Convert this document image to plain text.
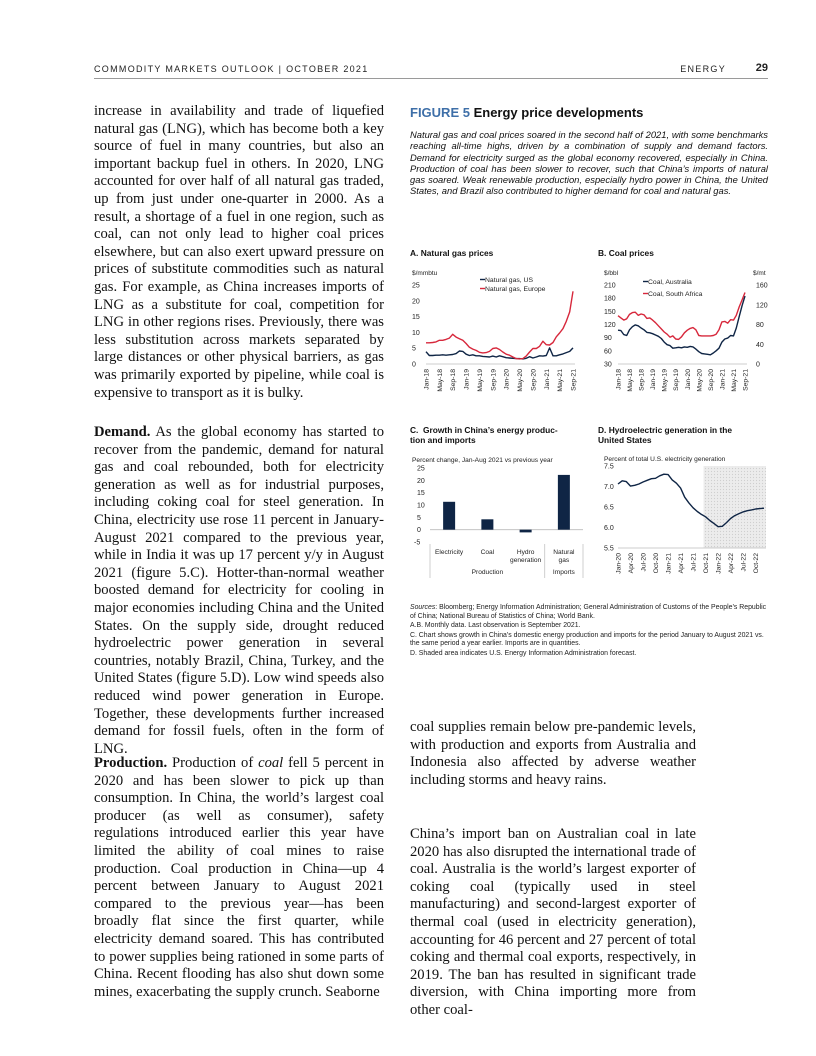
COMMODITY MARKETS OUTLOOK | OCTOBER 2021	ENERGY	29

increase in availability and trade of liquefied natural gas (LNG), which has become both a key source of fuel in many countries, but also an important backup fuel in others. In 2020, LNG accounted for over half of all natural gas traded, up from just under one-quarter in 2000. As a result, a shortage of a fuel in one region, such as coal, can not only lead to higher coal prices elsewhere, but can also exert upward pressure on prices of substitute commodities such as natural gas. For example, as China increases imports of LNG as a substitute for coal, competition for LNG in other regions rises. Previously, there was less substitution across markets separated by large distances or other physical barriers, as gas was primarily exported by pipeline, while coal is expensive to transport as it is bulky.

Demand. As the global economy has started to recover from the pandemic, demand for natural gas and coal rebounded, both for electricity generation as well as for industrial purposes, including coking coal for steel generation. In China, electricity use rose 11 percent in January-August 2021 compared to the previous year, while in India it was up 17 percent y/y in August 2021 (figure 5.C). Hotter-than-normal weather boosted demand for electricity for cooling in major economies including China and the United States. On the supply side, drought reduced hydroelectric power generation in several countries, notably Brazil, China, Turkey, and the United States (figure 5.D). Low wind speeds also reduced wind power generation in Europe. Together, these developments further increased demand for fossil fuels, often in the form of LNG.

Production. Production of coal fell 5 percent in 2020 and has been slower to pick up than consumption. In China, the world’s largest coal producer (as well as consumer), safety regulations introduced earlier this year have limited the ability of coal mines to raise production. Coal production in China—up 4 percent between January to August 2021 compared to the previous year—has been broadly flat since the first quarter, while electricity demand soared. This has contributed to power supplies being rationed in some parts of China. Recent flooding has also shut down some mines, exacerbating the supply crunch. Seaborne

coal supplies remain below pre-pandemic levels, with production and exports from Australia and Indonesia also affected by adverse weather including storms and heavy rains.

China’s import ban on Australian coal in late 2020 has also disrupted the international trade of coal. Australia is the world’s largest exporter of coking coal (typically used in steel manufacturing) and second-largest exporter of thermal coal (used in electricity generation), accounting for 46 percent and 27 percent of total coking and thermal coal exports, respectively, in 2019. The ban has resulted in significant trade diversion, with China importing more from other coal-

FIGURE 5 Energy price developments
Natural gas and coal prices soared in the second half of 2021, with some benchmarks reaching all-time highs, driven by a combination of supply and demand factors. Demand for electricity surged as the global economy recovered, especially in China. Production of coal has been slower to recover, such that China’s imports of natural gas soared. Weak renewable production, especially hydro power in China, the United States, and Brazil also contributed to higher demand for coal and natural gas.
A. Natural gas prices	B. Coal prices
C.  Growth in China’s energy produc-
tion and imports
D. Hydroelectric generation in the
United States
0
5
10
15
20
25
$/mmbtu
Jan-18 May-18 Sep-18 Jan-19 May-19 Sep-19 Jan-20 May-20 Sep-20 Jan-21 May-21 Sep-21
Natural gas, US
Natural gas, Europe
30
60
90
120
150
180
210
0
40
80
120
160
$/mt
$/bbl
Jan-18 May-18 Sep-18 Jan-19 May-19 Sep-19 Jan-20 May-20 Sep-20 Jan-21 May-21 Sep-21
Coal, Australia
Coal, South Africa
Percent change, Jan-Aug 2021 vs previous year
-5
0
5
10
15
20
25
Electricity	Coal	Hydro
generation
Natural
gas
Production	Imports
5.5
6.0
6.5
7.0
7.5
Percent of total U.S. electricity generation
Jan-20 Apr-20 Jul-20 Oct-20 Jan-21 Apr-21 Jul-21 Oct-21 Jan-22 Apr-22 Jul-22 Oct-22
Sources: Bloomberg; Energy Information Administration; General Administration of Customs of the People’s Republic of China; National Bureau of Statistics of China; World Bank.
A.B. Monthly data. Last observation is September 2021.
C. Chart shows growth in China’s domestic energy production and imports for the period January to August 2021 vs. the same period a year earlier. Imports are in quantities.
D. Shaded area indicates U.S. Energy Information Administration forecast.
